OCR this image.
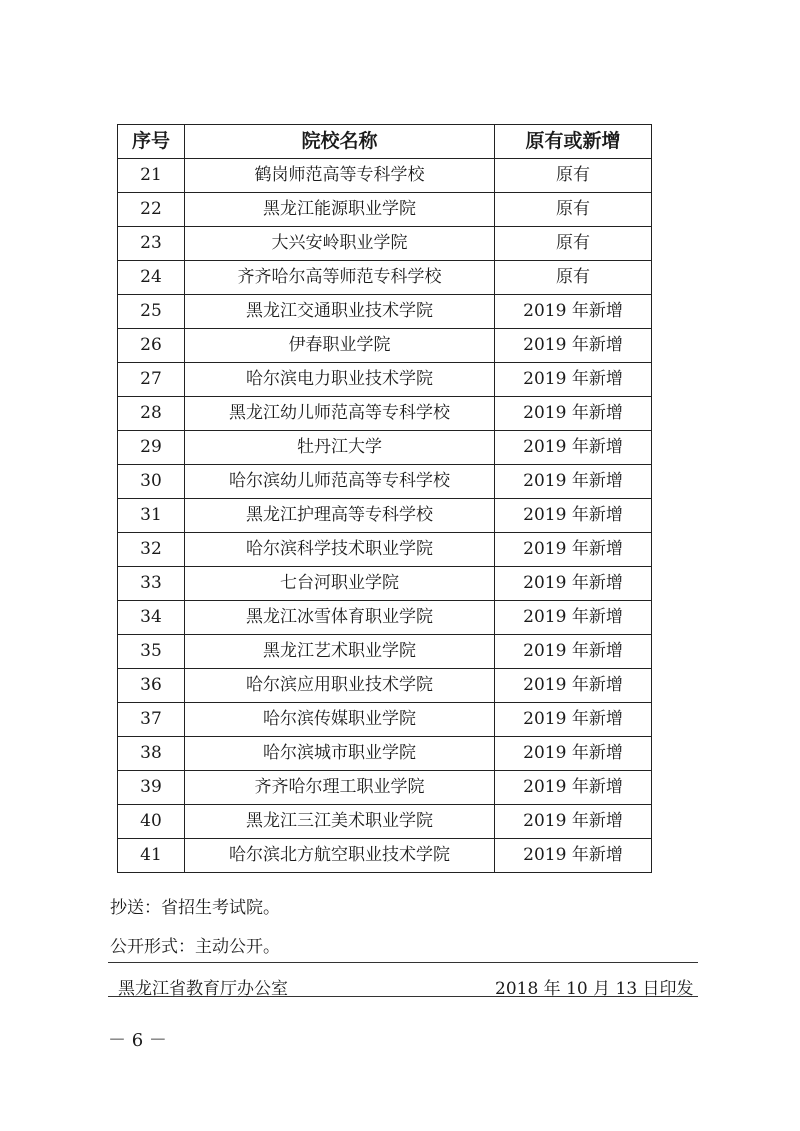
序号	院校名称	原有或新增
21	鹤岗师范高等专科学校	原有
22	黑龙江能源职业学院	原有
23	大兴安岭职业学院	原有
24	齐齐哈尔高等师范专科学校	原有
25	黑龙江交通职业技术学院	2019 年新增
26	伊春职业学院	2019 年新增
27	哈尔滨电力职业技术学院	2019 年新增
28	黑龙江幼儿师范高等专科学校	2019 年新增
29	牡丹江大学	2019 年新增
30	哈尔滨幼儿师范高等专科学校	2019 年新增
31	黑龙江护理高等专科学校	2019 年新增
32	哈尔滨科学技术职业学院	2019 年新增
33	七台河职业学院	2019 年新增
34	黑龙江冰雪体育职业学院	2019 年新增
35	黑龙江艺术职业学院	2019 年新增
36	哈尔滨应用职业技术学院	2019 年新增
37	哈尔滨传媒职业学院	2019 年新增
38	哈尔滨城市职业学院	2019 年新增
39	齐齐哈尔理工职业学院	2019 年新增
40	黑龙江三江美术职业学院	2019 年新增
41	哈尔滨北方航空职业技术学院	2019 年新增
抄送：省招生考试院。
公开形式：主动公开。
黑龙江省教育厅办公室	2018 年 10 月 13 日印发
－ 6 －
